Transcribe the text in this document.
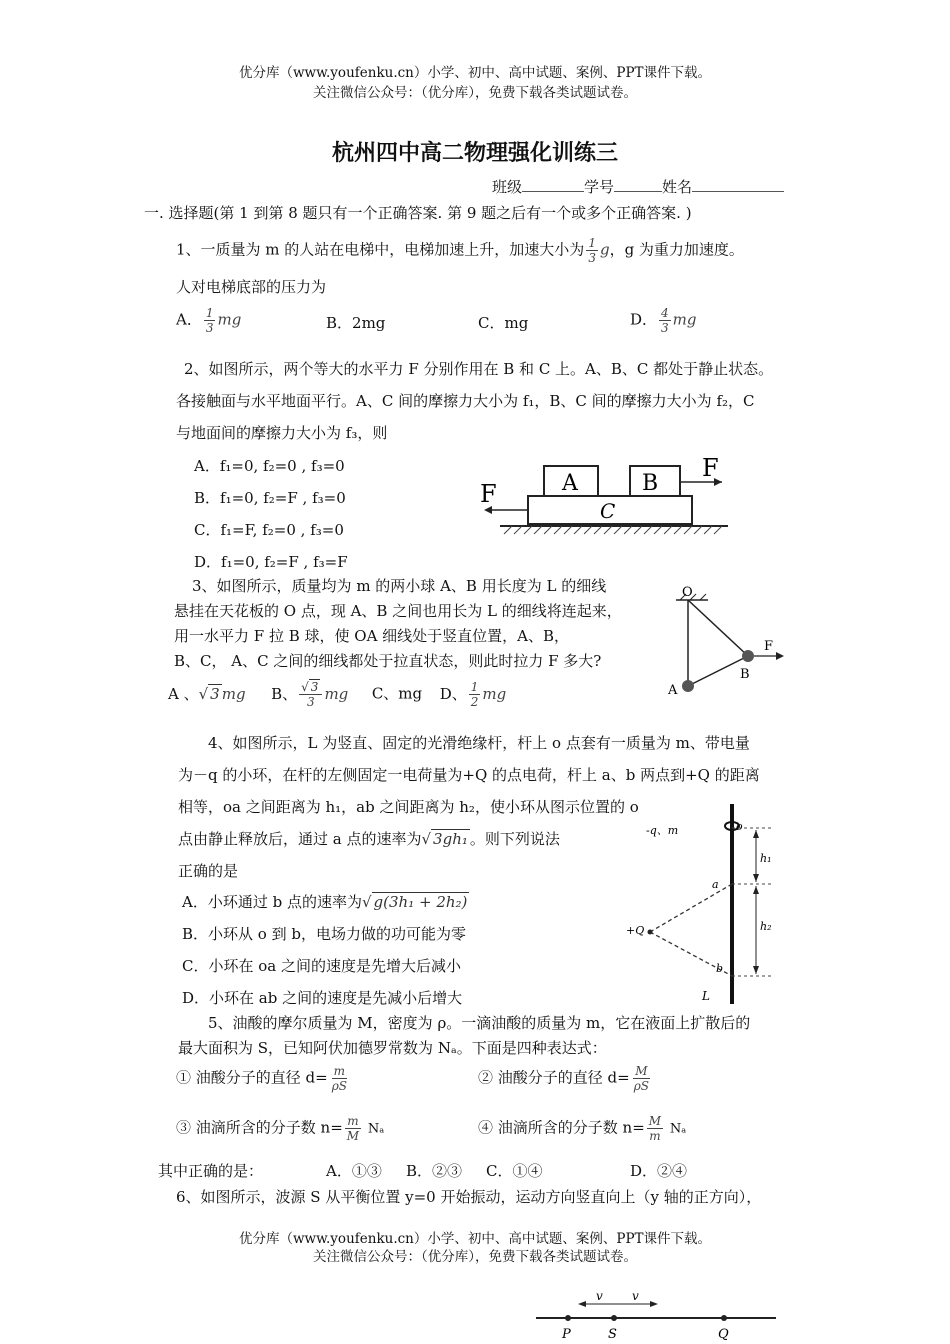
优分库（www.youfenku.cn）小学、初中、高中试题、案例、PPT课件下载。
关注微信公众号：（优分库），免费下载各类试题试卷。
杭州四中高二物理强化训练三
班级	学号	姓名
一. 选择题(第 1 到第 8 题只有一个正确答案. 第 9 题之后有一个或多个正确答案. )
1、一质量为 m 的人站在电梯中，电梯加速上升，加速大小为 $\frac{1}{3}$ g，g 为重力加速度。
人对电梯底部的压力为
A． $\frac{1}{3}$ mg	B．2mg	C．mg	D． $\frac{4}{3}$ mg
2、如图所示，两个等大的水平力 F 分别作用在 B 和 C 上。A、B、C 都处于静止状态。
各接触面与水平地面平行。A、C 间的摩擦力大小为 f₁，B、C 间的摩擦力大小为 f₂，C
与地面间的摩擦力大小为 f₃，则
A．f₁=0, f₂=0 , f₃=0
B．f₁=0, f₂=F , f₃=0
C．f₁=F, f₂=0 , f₃=0
D．f₁=0, f₂=F , f₃=F
A	B
C
F
F
3、如图所示，质量均为 m 的两小球 A、B 用长度为 L 的细线
悬挂在天花板的 O 点，现 A、B 之间也用长为 L 的细线将连起来，
用一水平力 F 拉 B 球，使 OA 细线处于竖直位置，A、B，
B、C， A、C 之间的细线都处于拉直状态，则此时拉力 F 多大?
A 、√ 3 mg B、 $\frac{√ 3}{3}$ mg C、mg D、 $\frac{1}{2}$ mg
O
A
B
F
4、如图所示，L 为竖直、固定的光滑绝缘杆，杆上 o 点套有一质量为 m、带电量
为－q 的小环，在杆的左侧固定一电荷量为+Q 的点电荷，杆上 a、b 两点到+Q 的距离
相等，oa 之间距离为 h₁，ab 之间距离为 h₂，使小环从图示位置的 o
点由静止释放后，通过 a 点的速率为√ 3gh₁ 。则下列说法
正确的是
A．小环通过 b 点的速率为√ g(3h₁ + 2h₂)
B．小环从 o 到 b，电场力做的功可能为零
C．小环在 oa 之间的速度是先增大后减小
D．小环在 ab 之间的速度是先减小后增大
-q、m	o
a
b
h₁
h₂
+Q
L
5、油酸的摩尔质量为 M，密度为 ρ。一滴油酸的质量为 m，它在液面上扩散后的
最大面积为 S，已知阿伏加德罗常数为 Nₐ。下面是四种表达式：
① 油酸分子的直径 $d= \frac{m}{\rho S}$	② 油酸分子的直径 $d= \frac{M}{\rho S}$
③ 油滴所含的分子数 $n= \frac{m}{M}$ Nₐ	④ 油滴所含的分子数 $n= \frac{M}{m}$ Nₐ
其中正确的是：	A．①③ B．②③ C．①④	D．②④
6、如图所示，波源 S 从平衡位置 y=0 开始振动，运动方向竖直向上（y 轴的正方向），
优分库（www.youfenku.cn）小学、初中、高中试题、案例、PPT课件下载。
关注微信公众号：（优分库），免费下载各类试题试卷。
v v
P	S	Q
